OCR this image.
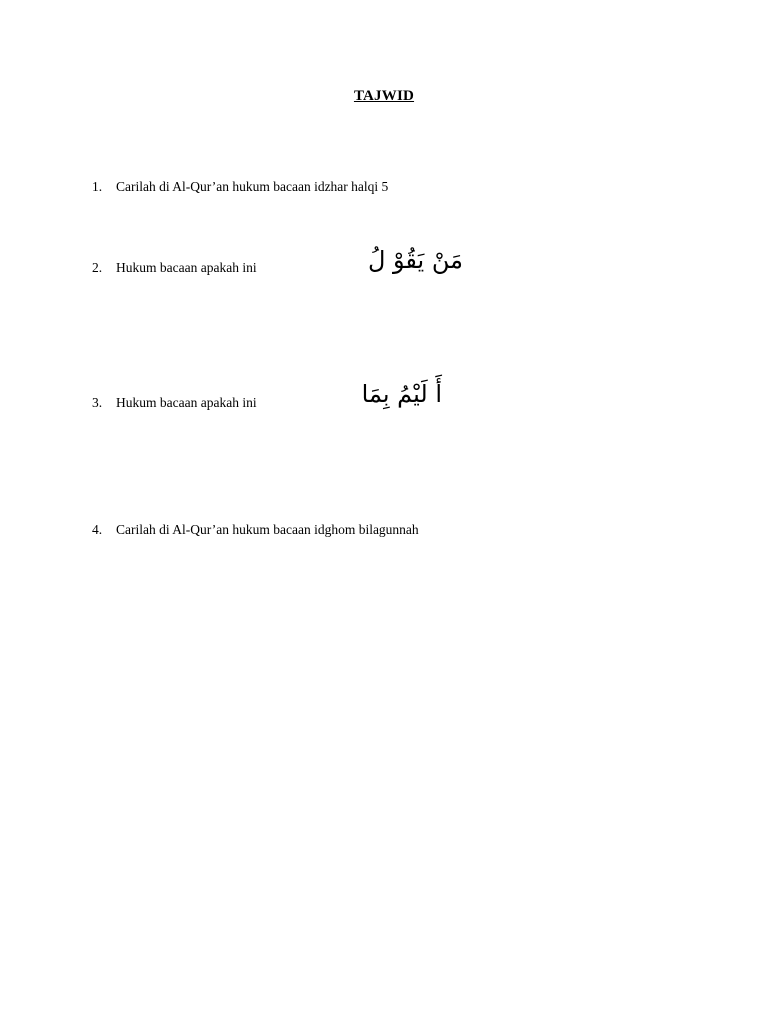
TAJWID
1. Carilah di Al-Qur’an hukum bacaan idzhar halqi 5
2. Hukum bacaan apakah ini	مَنْ يَقُوْ لُ
3. Hukum bacaan apakah ini	أَ لَيْمُ بِمَا
4. Carilah di Al-Qur’an hukum bacaan idghom bilagunnah
